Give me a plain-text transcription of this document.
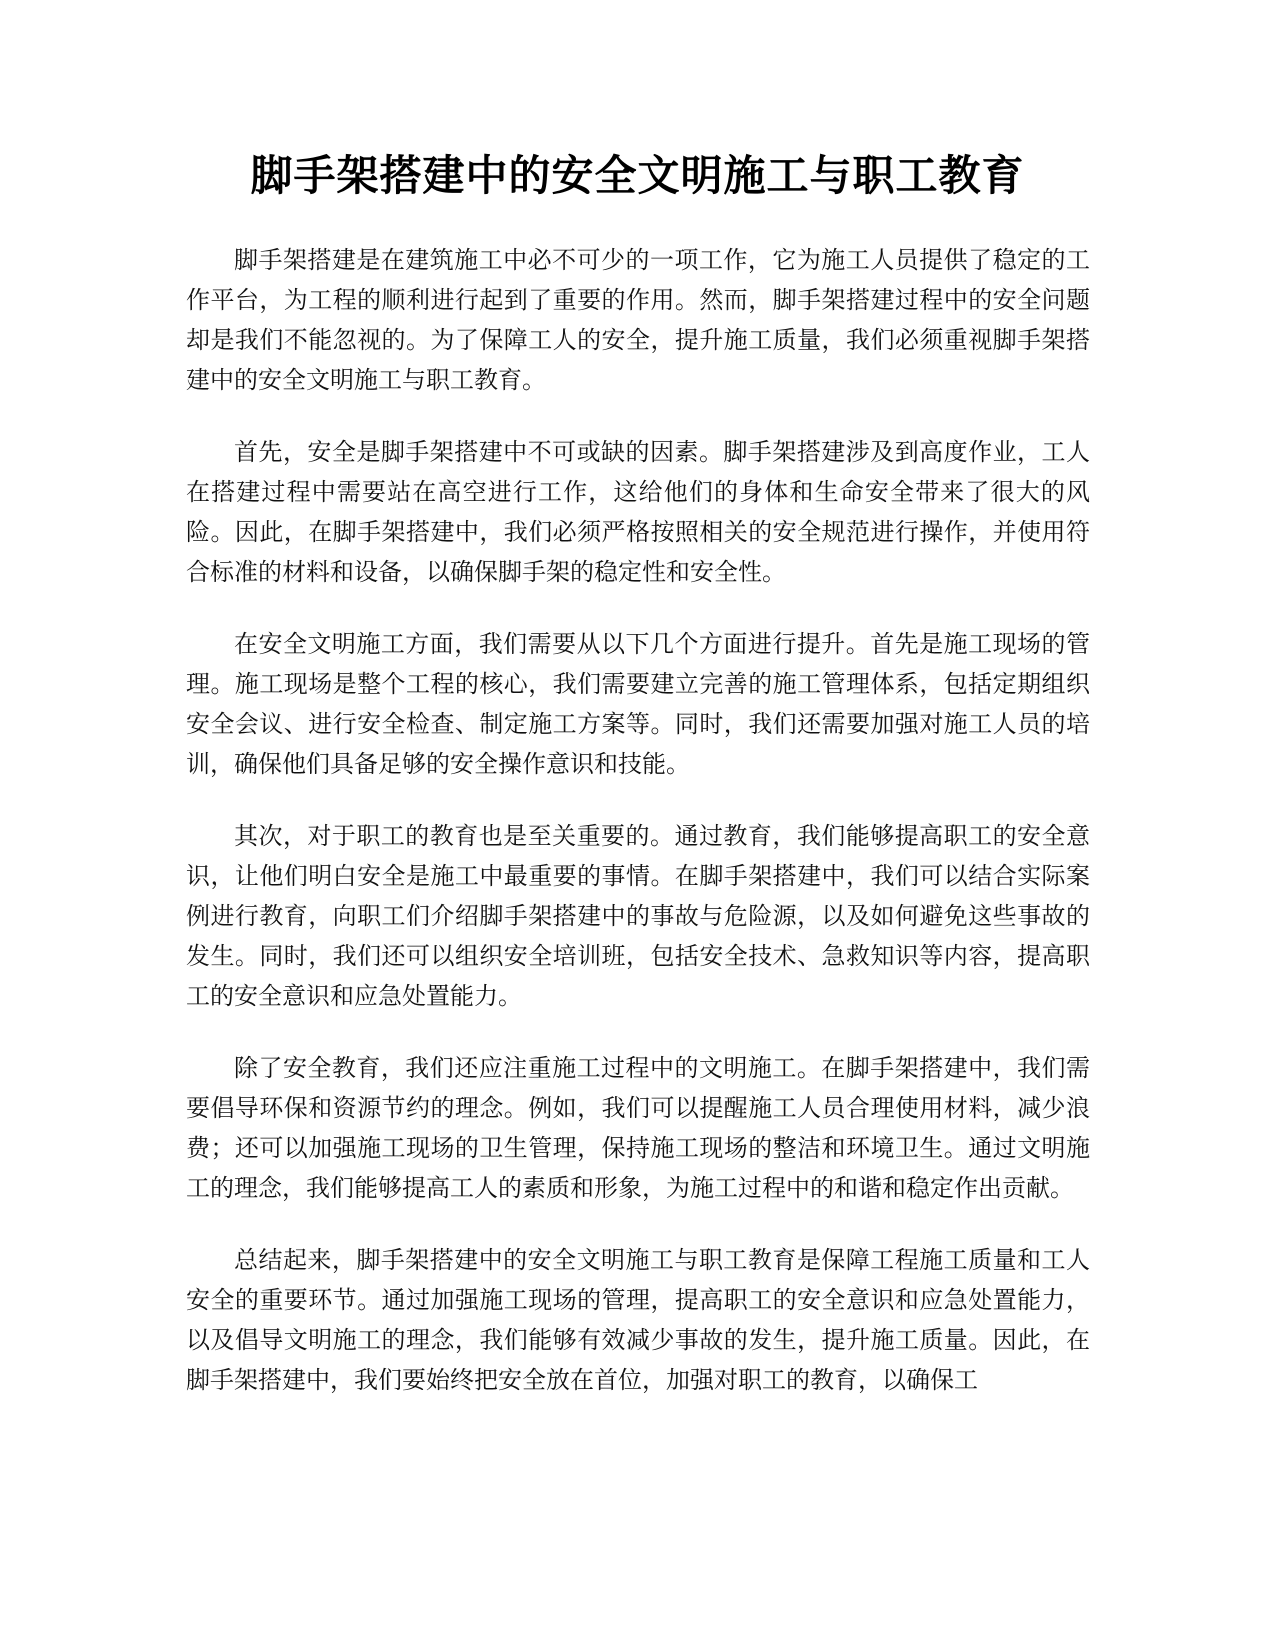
脚手架搭建中的安全文明施工与职工教育

脚手架搭建是在建筑施工中必不可少的一项工作，它为施工人员提供了稳定的工作平台，为工程的顺利进行起到了重要的作用。然而，脚手架搭建过程中的安全问题却是我们不能忽视的。为了保障工人的安全，提升施工质量，我们必须重视脚手架搭建中的安全文明施工与职工教育。

首先，安全是脚手架搭建中不可或缺的因素。脚手架搭建涉及到高度作业，工人在搭建过程中需要站在高空进行工作，这给他们的身体和生命安全带来了很大的风险。因此，在脚手架搭建中，我们必须严格按照相关的安全规范进行操作，并使用符合标准的材料和设备，以确保脚手架的稳定性和安全性。

在安全文明施工方面，我们需要从以下几个方面进行提升。首先是施工现场的管理。施工现场是整个工程的核心，我们需要建立完善的施工管理体系，包括定期组织安全会议、进行安全检查、制定施工方案等。同时，我们还需要加强对施工人员的培训，确保他们具备足够的安全操作意识和技能。

其次，对于职工的教育也是至关重要的。通过教育，我们能够提高职工的安全意识，让他们明白安全是施工中最重要的事情。在脚手架搭建中，我们可以结合实际案例进行教育，向职工们介绍脚手架搭建中的事故与危险源，以及如何避免这些事故的发生。同时，我们还可以组织安全培训班，包括安全技术、急救知识等内容，提高职工的安全意识和应急处置能力。

除了安全教育，我们还应注重施工过程中的文明施工。在脚手架搭建中，我们需要倡导环保和资源节约的理念。例如，我们可以提醒施工人员合理使用材料，减少浪费；还可以加强施工现场的卫生管理，保持施工现场的整洁和环境卫生。通过文明施工的理念，我们能够提高工人的素质和形象，为施工过程中的和谐和稳定作出贡献。

总结起来，脚手架搭建中的安全文明施工与职工教育是保障工程施工质量和工人安全的重要环节。通过加强施工现场的管理，提高职工的安全意识和应急处置能力，以及倡导文明施工的理念，我们能够有效减少事故的发生，提升施工质量。因此，在脚手架搭建中，我们要始终把安全放在首位，加强对职工的教育，以确保工
